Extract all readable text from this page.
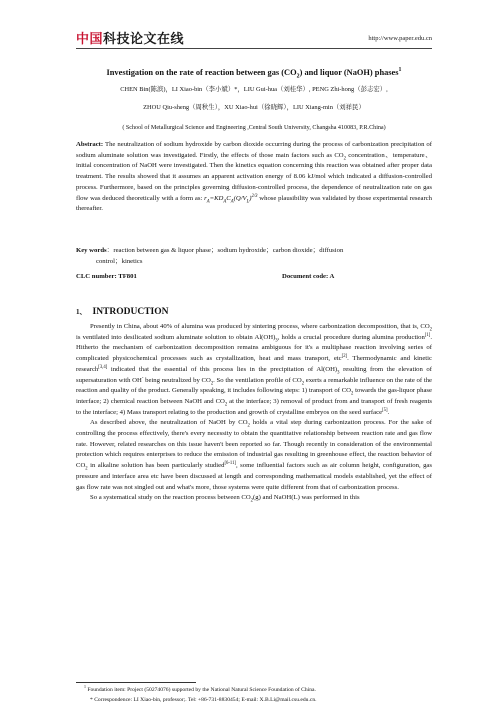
中国 科技论文在线	http://www.paper.edu.cn
Investigation on the rate of reaction between gas $(CO_2)$ and liquor (NaOH) phases$^1$
CHEN Bin(陈滨)，LI Xiao-bin（李小斌）*，LIU Gui-hua（刘桂华）, PENG Zhi-hong（彭志宏）,
ZHOU Qiu-sheng（周秋生），XU Xiao-hui（徐晓辉），LIU Xiang-min（刘祥民）
( School of Metallurgical Science and Engineering ,Central South University, Changsha 410083, P.R.China)
Abstract: The neutralization of sodium hydroxide by carbon dioxide occurring during the process of carbonization precipitation of sodium aluminate solution was investigated. Firstly, the effects of those main factors such as $CO_2$ concentration、temperature、initial concentration of NaOH were investigated. Then the kinetics equation concerning this reaction was obtained after proper data treatment. The results showed that it assumes an apparent activation energy of 8.06 kJ/mol which indicated a diffusion-controlled process. Furthermore, based on the principles governing diffusion-controlled process, the dependence of neutralization rate on gas flow was deduced theoretically with a form as: $r_A=KD_AC_A(Q/V_L)^{2/3}$ whose plausibility was validated by those experimental research thereafter.
Key words：reaction between gas & liquor phase；sodium hydroxide；carbon dioxide；diffusion
control；kinetics
CLC number: TF801	Document code: A
1、 INTRODUCTION

Presently in China, about 40% of alumina was produced by sintering process, where carbonization decomposition, that is, $CO_2$ is ventilated into desilicated sodium aluminate solution to obtain $Al(OH)_3$, holds a crucial procedure during alumina production[1]. Hitherto the mechanism of carbonization decomposition remains ambiguous for it's a multiphase reaction involving series of complicated physicochemical processes such as crystallization, heat and mass transport, etc[2]. Thermodynamic and kinetic research[3,4] indicated that the essential of this process lies in the precipitation of $Al(OH)_3$ resulting from the elevation of supersaturation with OH- being neutralized by $CO_2$. So the ventilation profile of $CO_2$ exerts a remarkable influence on the rate of the reaction and quality of the product. Generally speaking, it includes following steps: 1) transport of $CO_2$ towards the gas-liquor phase interface; 2) chemical reaction between NaOH and $CO_2$ at the interface; 3) removal of product from and transport of fresh reagents to the interface; 4) Mass transport relating to the production and growth of crystalline embryos on the seed surface[5].

As described above, the neutralization of NaOH by $CO_2$ holds a vital step during carbonization process. For the sake of controlling the process effectively, there's every necessity to obtain the quantitative relationship between reaction rate and gas flow rate. However, related researches on this issue haven't been reported so far. Though recently in consideration of the environmental protection which requires enterprises to reduce the emission of industrial gas resulting in greenhouse effect, the reaction behavior of $CO_2$ in alkaline solution has been particularly studied[6-11], some influential factors such as air column height, configuration, gas pressure and interface area etc have been discussed at length and corresponding mathematical models established, yet the effect of gas flow rate was not singled out and what's more, those systems were quite different from that of carbonization process.

So a systematical study on the reaction process between $CO_2(g)$ and NaOH(L) was performed in this

$^1$ Foundation item: Project (50274076) supported by the National Natural Science Foundation of China.
* Correspondence: LI Xiao-bin, professor;. Tel: +86-731-8830454; E-mail: X.B.Li@mail.csu.edu.cn.
